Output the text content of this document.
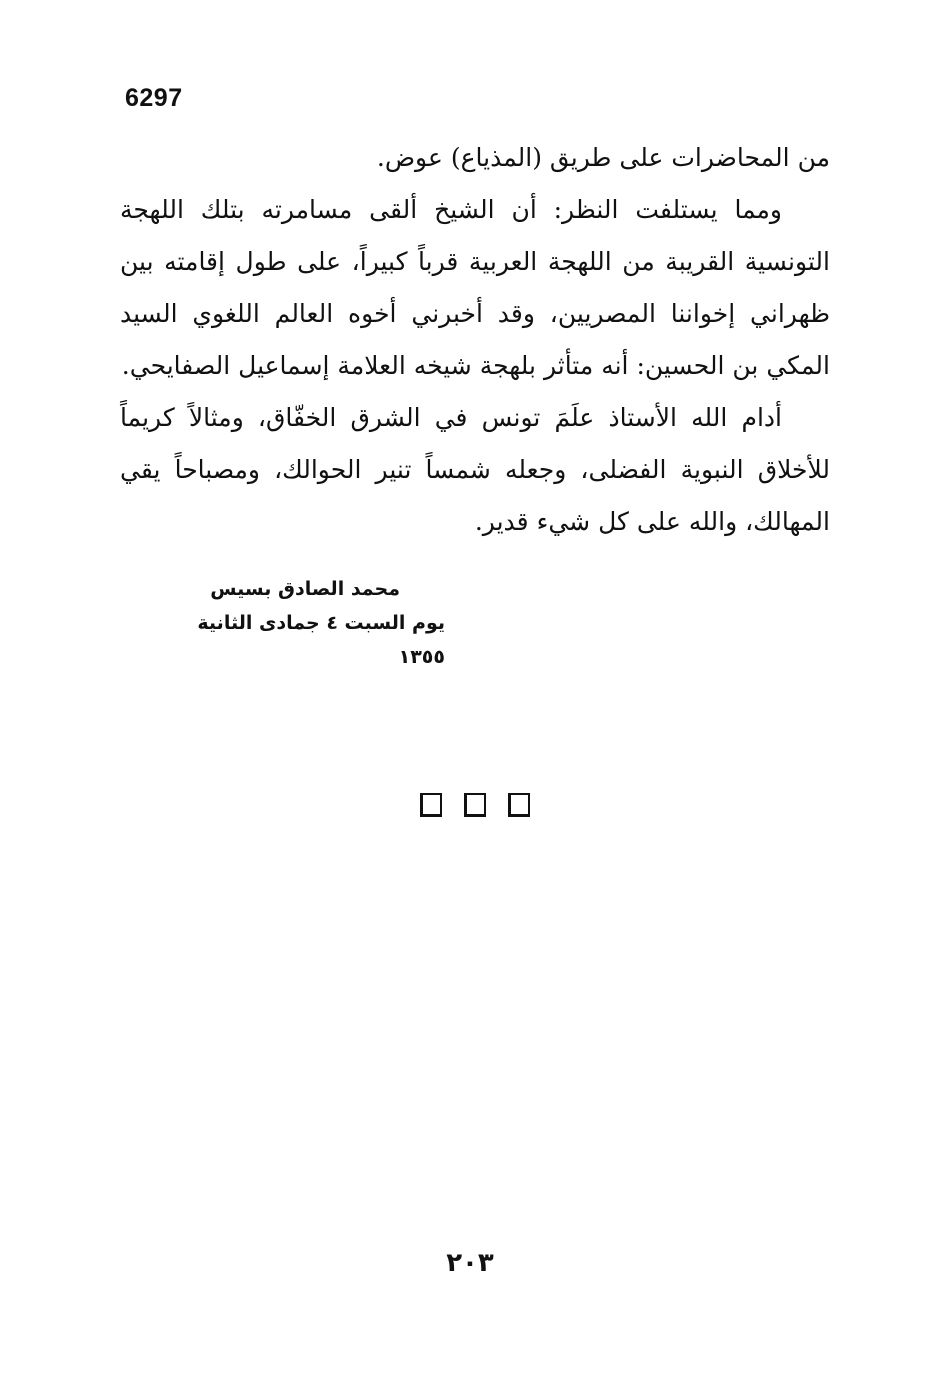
6297

من المحاضرات على طريق (المذياع) عوض.

ومما يستلفت النظر: أن الشيخ ألقى مسامرته بتلك اللهجة التونسية القريبة من اللهجة العربية قرباً كبيراً، على طول إقامته بين ظهراني إخواننا المصريين، وقد أخبرني أخوه العالم اللغوي السيد المكي بن الحسين: أنه متأثر بلهجة شيخه العلامة إسماعيل الصفايحي.

أدام الله الأستاذ علَمَ تونس في الشرق الخفّاق، ومثالاً كريماً للأخلاق النبوية الفضلى، وجعله شمساً تنير الحوالك، ومصباحاً يقي المهالك، والله على كل شيء قدير.

محمد الصادق بسيس
يوم السبت ٤ جمادى الثانية ١٣٥٥
٢٠٣
